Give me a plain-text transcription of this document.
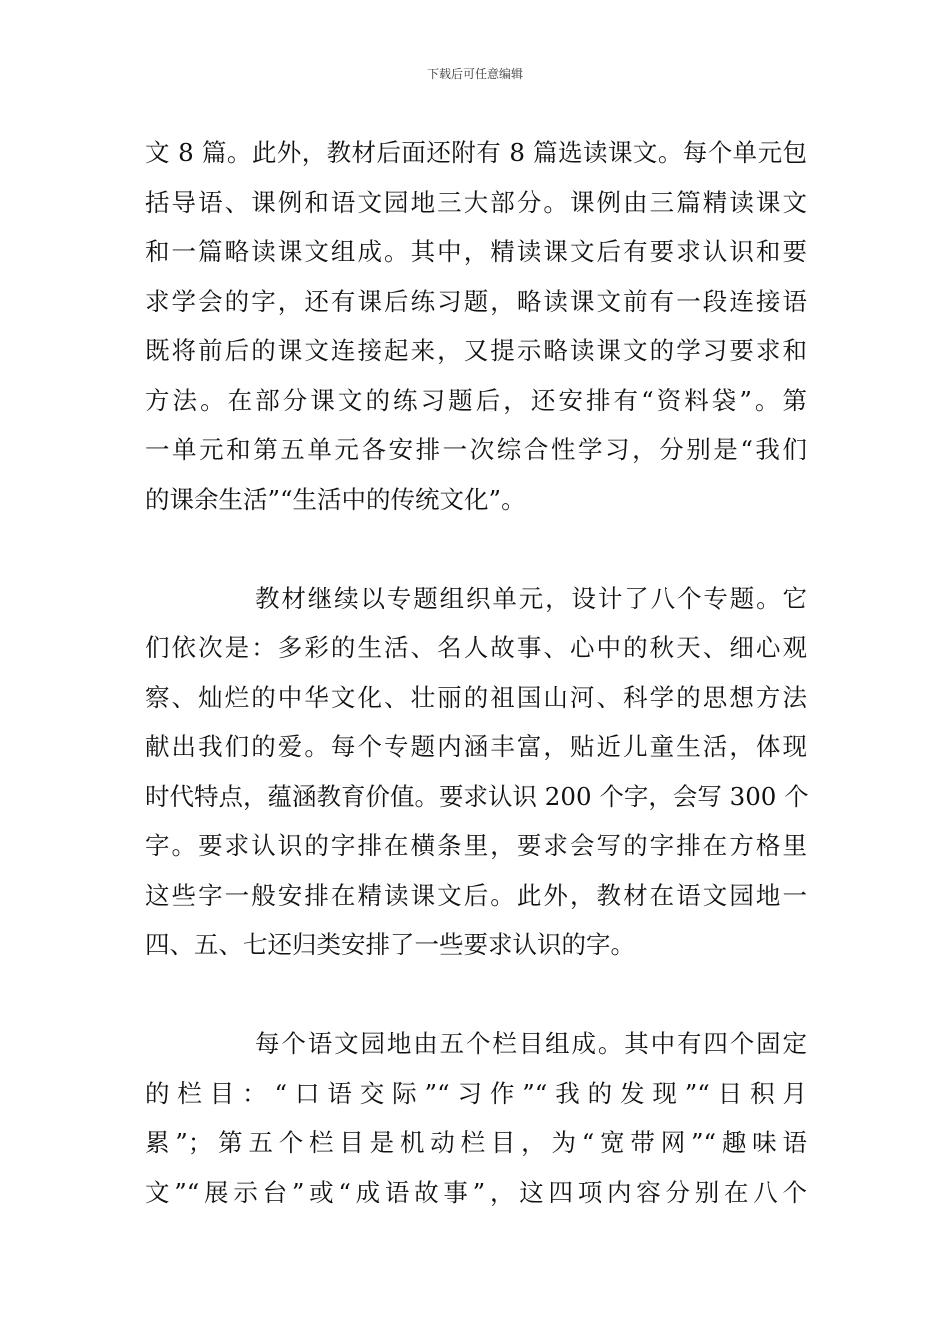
下载后可任意编辑
文 8 篇。此外，教材后面还附有 8 篇选读课文。每个单元包
括导语、课例和语文园地三大部分。课例由三篇精读课文
和一篇略读课文组成。其中，精读课文后有要求认识和要
求学会的字，还有课后练习题，略读课文前有一段连接语
既将前后的课文连接起来，又提示略读课文的学习要求和
方法。在部分课文的练习题后，还安排有“资料袋”。第
一单元和第五单元各安排一次综合性学习，分别是“我们
的课余生活”“生活中的传统文化”。
教材继续以专题组织单元，设计了八个专题。它
们依次是：多彩的生活、名人故事、心中的秋天、细心观
察、灿烂的中华文化、壮丽的祖国山河、科学的思想方法
献出我们的爱。每个专题内涵丰富，贴近儿童生活，体现
时代特点，蕴涵教育价值。要求认识 200 个字，会写 300 个
字。要求认识的字排在横条里，要求会写的字排在方格里
这些字一般安排在精读课文后。此外，教材在语文园地一
四、五、七还归类安排了一些要求认识的字。
每个语文园地由五个栏目组成。其中有四个固定
的栏目：“口语交际”“习作”“我的发现”“日积月
累”；第五个栏目是机动栏目，为“宽带网”“趣味语
文”“展示台”或“成语故事”，这四项内容分别在八个
